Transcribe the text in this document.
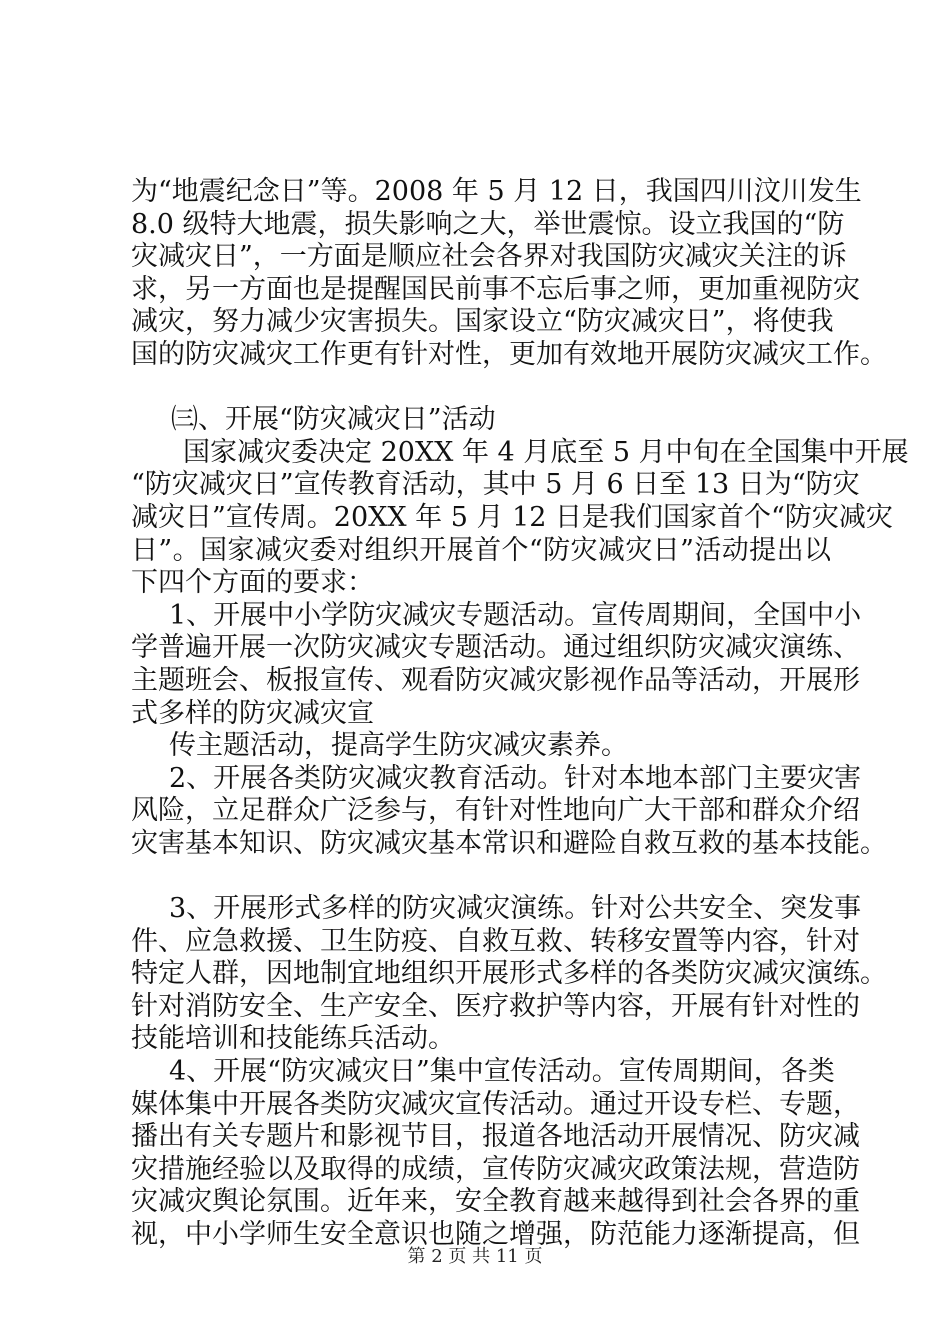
为“地震纪念日”等。2008 年 5 月 12 日，我国四川汶川发生
8.0 级特大地震，损失影响之大，举世震惊。设立我国的“防
灾减灾日”，一方面是顺应社会各界对我国防灾减灾关注的诉
求，另一方面也是提醒国民前事不忘后事之师，更加重视防灾
减灾，努力减少灾害损失。国家设立“防灾减灾日”，将使我
国的防灾减灾工作更有针对性，更加有效地开展防灾减灾工作。
㈢、开展“防灾减灾日”活动
国家减灾委决定 20XX 年 4 月底至 5 月中旬在全国集中开展
“防灾减灾日”宣传教育活动，其中 5 月 6 日至 13 日为“防灾
减灾日”宣传周。20XX 年 5 月 12 日是我们国家首个“防灾减灾
日”。国家减灾委对组织开展首个“防灾减灾日”活动提出以
下四个方面的要求：
1、开展中小学防灾减灾专题活动。宣传周期间，全国中小
学普遍开展一次防灾减灾专题活动。通过组织防灾减灾演练、
主题班会、板报宣传、观看防灾减灾影视作品等活动，开展形
式多样的防灾减灾宣
传主题活动，提高学生防灾减灾素养。
2、开展各类防灾减灾教育活动。针对本地本部门主要灾害
风险，立足群众广泛参与，有针对性地向广大干部和群众介绍
灾害基本知识、防灾减灾基本常识和避险自救互救的基本技能。
3、开展形式多样的防灾减灾演练。针对公共安全、突发事
件、应急救援、卫生防疫、自救互救、转移安置等内容，针对
特定人群，因地制宜地组织开展形式多样的各类防灾减灾演练。
针对消防安全、生产安全、医疗救护等内容，开展有针对性的
技能培训和技能练兵活动。
4、开展“防灾减灾日”集中宣传活动。宣传周期间，各类
媒体集中开展各类防灾减灾宣传活动。通过开设专栏、专题，
播出有关专题片和影视节目，报道各地活动开展情况、防灾减
灾措施经验以及取得的成绩，宣传防灾减灾政策法规，营造防
灾减灾舆论氛围。近年来，安全教育越来越得到社会各界的重
视，中小学师生安全意识也随之增强，防范能力逐渐提高，但
第 2 页 共 11 页
